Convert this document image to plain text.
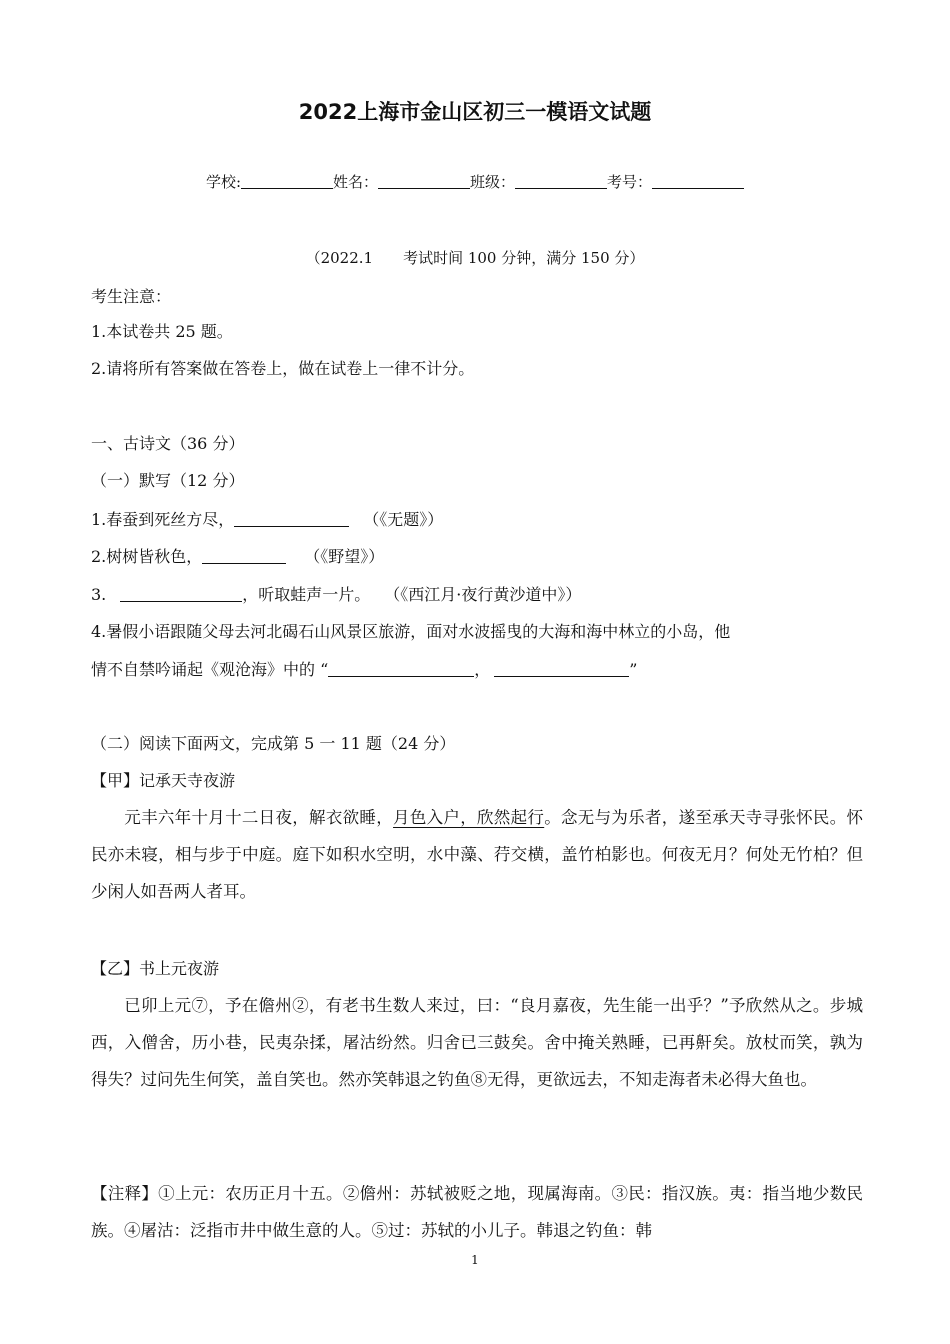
2022上海市金山区初三一模语文试题
学校:	姓名：	班级：	考号：
（2022.1　　考试时间 100 分钟，满分 150 分）
考生注意：
1.本试卷共 25 题。
2.请将所有答案做在答卷上，做在试卷上一律不计分。
一、古诗文（36 分）
（一）默写（12 分）
1.春蚕到死丝方尽，	（《无题》）
2.树树皆秋色，	（《野望》）
3.	，听取蛙声一片。 （《西江月·夜行黄沙道中》）
4.暑假小语跟随父母去河北碣石山风景区旅游，面对水波摇曳的大海和海中林立的小岛，他
情不自禁吟诵起《观沧海》中的 “	，	”
（二）阅读下面两文，完成第 5 一 11 题（24 分）
【甲】记承天寺夜游
元丰六年十月十二日夜，解衣欲睡，月色入户，欣然起行。念无与为乐者，遂至承天寺寻张怀民。怀民亦未寝，相与步于中庭。庭下如积水空明，水中藻、荇交横，盖竹柏影也。何夜无月？何处无竹柏？但少闲人如吾两人者耳。
【乙】书上元夜游
已卯上元⑦，予在儋州②，有老书生数人来过，曰：“良月嘉夜，先生能一出乎？”予欣然从之。步城西，入僧舍，历小巷，民夷杂揉，屠沽纷然。归舍已三鼓矣。舍中掩关熟睡，已再鼾矣。放杖而笑，孰为得失？过问先生何笑，盖自笑也。然亦笑韩退之钓鱼⑧无得，更欲远去，不知走海者未必得大鱼也。
【注释】①上元：农历正月十五。②儋州：苏轼被贬之地，现属海南。③民：指汉族。夷：指当地少数民族。④屠沽：泛指市井中做生意的人。⑤过：苏轼的小儿子。韩退之钓鱼：韩
1
